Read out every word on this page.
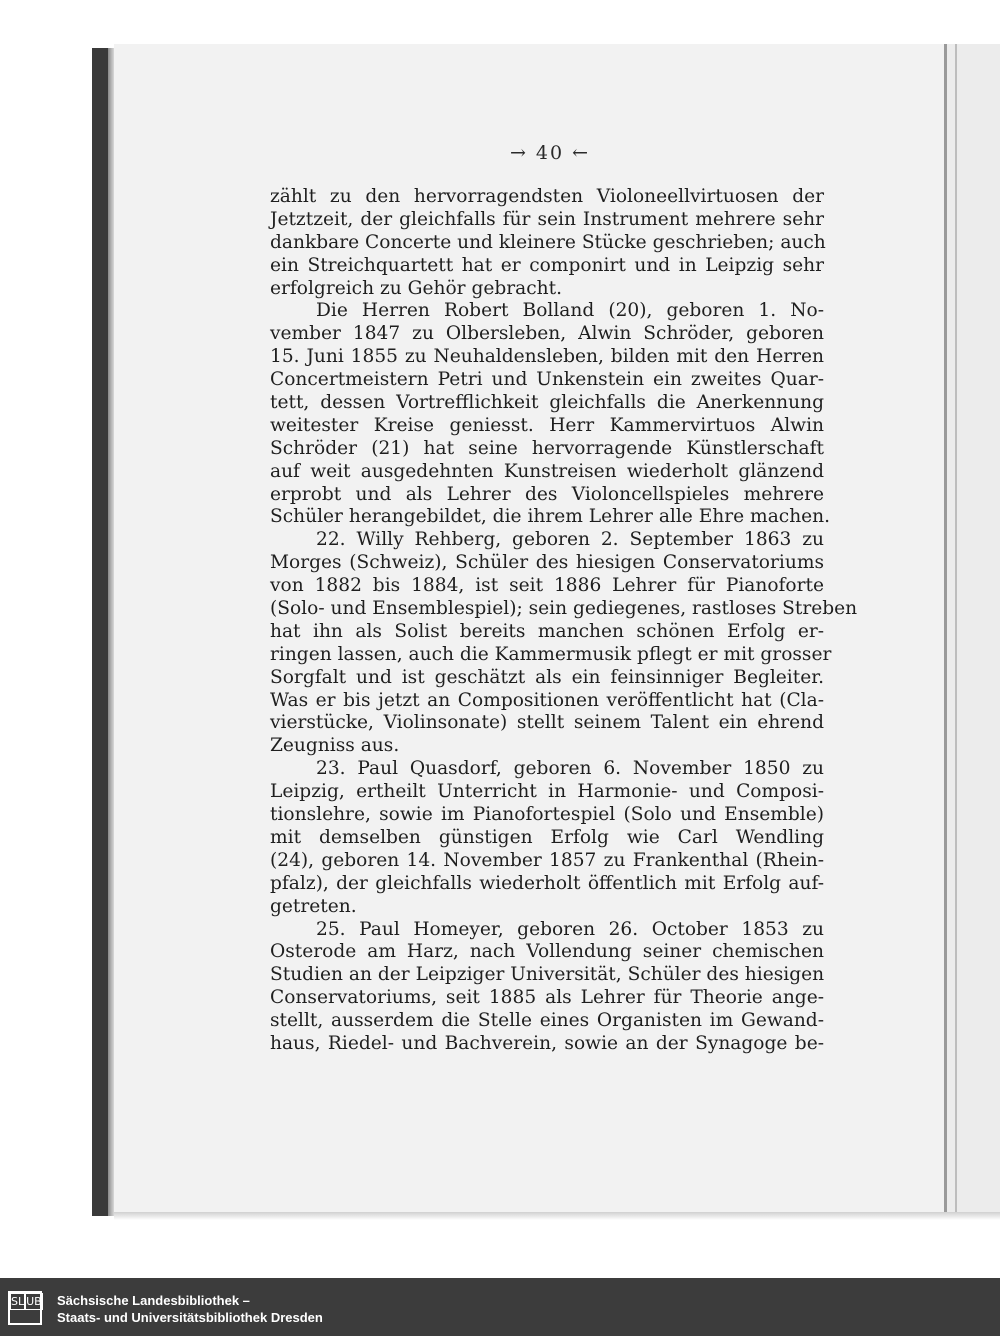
→ 40 ←
zählt zu den hervorragendsten Violoneellvirtuosen der
Jetztzeit, der gleichfalls für sein Instrument mehrere sehr
dankbare Concerte und kleinere Stücke geschrieben; auch
ein Streichquartett hat er componirt und in Leipzig sehr
erfolgreich zu Gehör gebracht.
Die Herren Robert Bolland (20), geboren 1. No-
vember 1847 zu Olbersleben, Alwin Schröder, geboren
15. Juni 1855 zu Neuhaldensleben, bilden mit den Herren
Concertmeistern Petri und Unkenstein ein zweites Quar-
tett, dessen Vortrefflichkeit gleichfalls die Anerkennung
weitester Kreise geniesst. Herr Kammervirtuos Alwin
Schröder (21) hat seine hervorragende Künstlerschaft
auf weit ausgedehnten Kunstreisen wiederholt glänzend
erprobt und als Lehrer des Violoncellspieles mehrere
Schüler herangebildet, die ihrem Lehrer alle Ehre machen.
22. Willy Rehberg, geboren 2. September 1863 zu
Morges (Schweiz), Schüler des hiesigen Conservatoriums
von 1882 bis 1884, ist seit 1886 Lehrer für Pianoforte
(Solo- und Ensemblespiel); sein gediegenes, rastloses Streben
hat ihn als Solist bereits manchen schönen Erfolg er-
ringen lassen, auch die Kammermusik pflegt er mit grosser
Sorgfalt und ist geschätzt als ein feinsinniger Begleiter.
Was er bis jetzt an Compositionen veröffentlicht hat (Cla-
vierstücke, Violinsonate) stellt seinem Talent ein ehrend
Zeugniss aus.
23. Paul Quasdorf, geboren 6. November 1850 zu
Leipzig, ertheilt Unterricht in Harmonie- und Composi-
tionslehre, sowie im Pianofortespiel (Solo und Ensemble)
mit demselben günstigen Erfolg wie Carl Wendling
(24), geboren 14. November 1857 zu Frankenthal (Rhein-
pfalz), der gleichfalls wiederholt öffentlich mit Erfolg auf-
getreten.
25. Paul Homeyer, geboren 26. October 1853 zu
Osterode am Harz, nach Vollendung seiner chemischen
Studien an der Leipziger Universität, Schüler des hiesigen
Conservatoriums, seit 1885 als Lehrer für Theorie ange-
stellt, ausserdem die Stelle eines Organisten im Gewand-
haus, Riedel- und Bachverein, sowie an der Synagoge be-
SL UB Sächsische Landesbibliothek –
Staats- und Universitätsbibliothek Dresden
